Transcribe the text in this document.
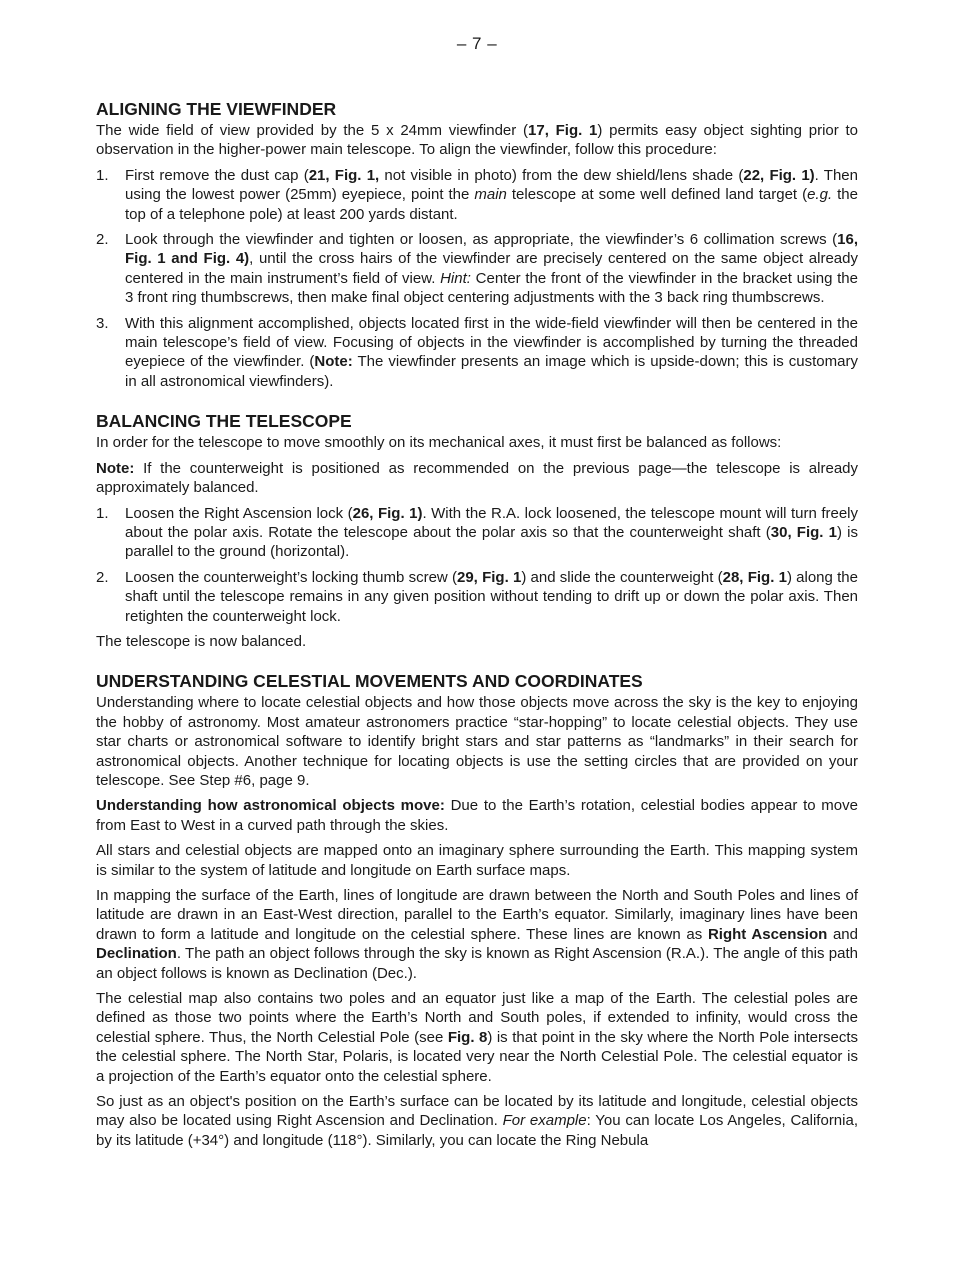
– 7 –
ALIGNING THE VIEWFINDER

The wide field of view provided by the 5 x 24mm viewfinder (17, Fig. 1) permits easy object sighting prior to observation in the higher-power main telescope. To align the viewfinder, follow this procedure:

1. First remove the dust cap (21, Fig. 1, not visible in photo) from the dew shield/lens shade (22, Fig. 1). Then using the lowest power (25mm) eyepiece, point the main telescope at some well defined land target (e.g. the top of a telephone pole) at least 200 yards distant.
2. Look through the viewfinder and tighten or loosen, as appropriate, the viewfinder’s 6 collimation screws (16, Fig. 1 and Fig. 4), until the cross hairs of the viewfinder are precisely centered on the same object already centered in the main instrument’s field of view. Hint: Center the front of the viewfinder in the bracket using the 3 front ring thumbscrews, then make final object centering adjustments with the 3 back ring thumbscrews.
3. With this alignment accomplished, objects located first in the wide-field viewfinder will then be centered in the main telescope’s field of view. Focusing of objects in the viewfinder is accomplished by turning the threaded eyepiece of the viewfinder. (Note: The viewfinder presents an image which is upside-down; this is customary in all astronomical viewfinders).
BALANCING THE TELESCOPE

In order for the telescope to move smoothly on its mechanical axes, it must first be balanced as follows:

Note: If the counterweight is positioned as recommended on the previous page—the telescope is already approximately balanced.

1. Loosen the Right Ascension lock (26, Fig. 1). With the R.A. lock loosened, the telescope mount will turn freely about the polar axis. Rotate the telescope about the polar axis so that the counterweight shaft (30, Fig. 1) is parallel to the ground (horizontal).
2. Loosen the counterweight’s locking thumb screw (29, Fig. 1) and slide the counterweight (28, Fig. 1) along the shaft until the telescope remains in any given position without tending to drift up or down the polar axis. Then retighten the counterweight lock.

The telescope is now balanced.

UNDERSTANDING CELESTIAL MOVEMENTS AND COORDINATES

Understanding where to locate celestial objects and how those objects move across the sky is the key to enjoying the hobby of astronomy. Most amateur astronomers practice “star-hopping” to locate celestial objects. They use star charts or astronomical software to identify bright stars and star patterns as “landmarks” in their search for astronomical objects. Another technique for locating objects is use the setting circles that are provided on your telescope. See Step #6, page 9.

Understanding how astronomical objects move: Due to the Earth’s rotation, celestial bodies appear to move from East to West in a curved path through the skies.

All stars and celestial objects are mapped onto an imaginary sphere surrounding the Earth. This mapping system is similar to the system of latitude and longitude on Earth surface maps.

In mapping the surface of the Earth, lines of longitude are drawn between the North and South Poles and lines of latitude are drawn in an East-West direction, parallel to the Earth’s equator. Similarly, imaginary lines have been drawn to form a latitude and longitude on the celestial sphere. These lines are known as Right Ascension and Declination. The path an object follows through the sky is known as Right Ascension (R.A.). The angle of this path an object follows is known as Declination (Dec.).

The celestial map also contains two poles and an equator just like a map of the Earth. The celestial poles are defined as those two points where the Earth’s North and South poles, if extended to infinity, would cross the celestial sphere. Thus, the North Celestial Pole (see Fig. 8) is that point in the sky where the North Pole intersects the celestial sphere. The North Star, Polaris, is located very near the North Celestial Pole. The celestial equator is a projection of the Earth’s equator onto the celestial sphere.

So just as an object's position on the Earth’s surface can be located by its latitude and longitude, celestial objects may also be located using Right Ascension and Declination. For example: You can locate Los Angeles, California, by its latitude (+34°) and longitude (118°). Similarly, you can locate the Ring Nebula
